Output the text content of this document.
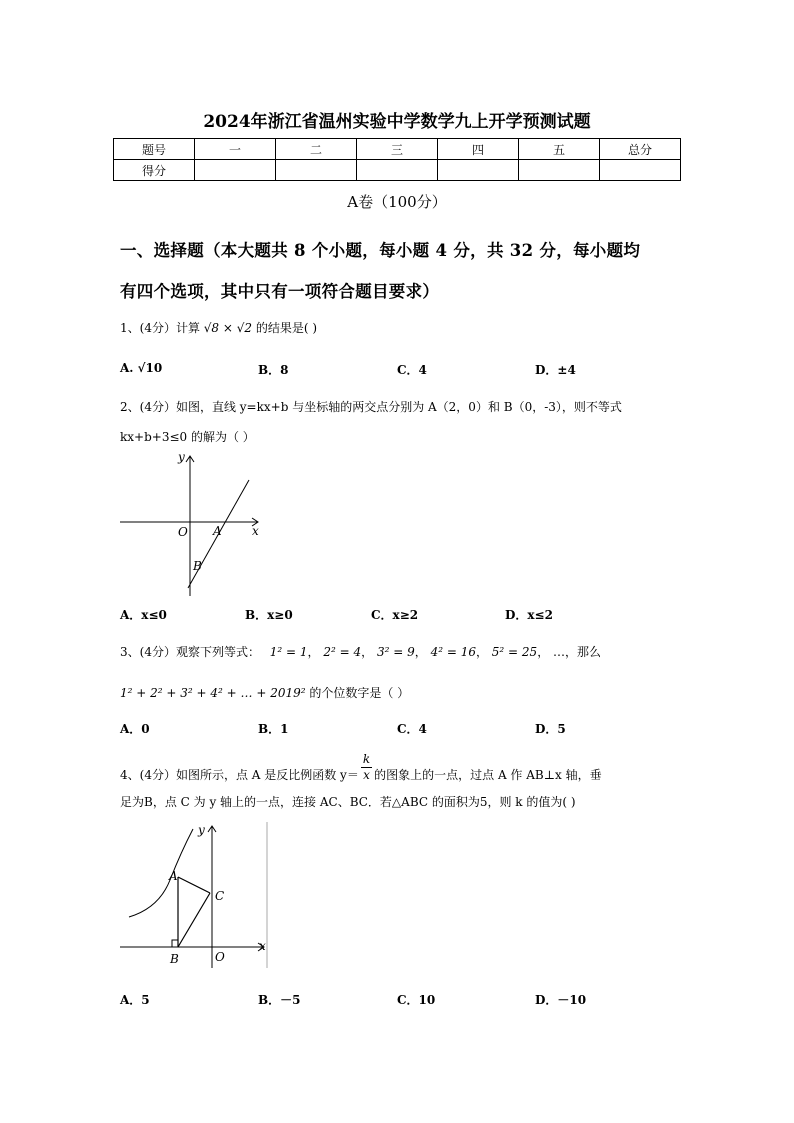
2024年浙江省温州实验中学数学九上开学预测试题
题号	一	二	三	四	五	总分
得分						
A卷（100分）
一、选择题（本大题共 8 个小题，每小题 4 分，共 32 分，每小题均
有四个选项，其中只有一项符合题目要求）
1、(4分）计算 √8 × √2 的结果是( )
A. √10	B．8	C．4	D．±4
2、(4分）如图，直线 y=kx+b 与坐标轴的两交点分别为 A（2，0）和 B（0，-3），则不等式
kx+b+3≤0 的解为（ ）
y
x
O A
B
A．x≤0	B．x≥0	C．x≥2	D．x≤2
3、(4分）观察下列等式： 1² = 1， 2² = 4， 3² = 9， 4² = 16， 5² = 25， …，那么
1² + 2² + 3² + 4² + … + 2019² 的个位数字是（ ）
A．0	B．1	C．4	D．5
4、(4分）如图所示，点 A 是反比例函数 $y= \frac{k}{x}$ 的图象上的一点，过点 A 作 AB⊥x 轴，垂
足为B，点 C 为 y 轴上的一点，连接 AC、BC．若△ABC 的面积为5，则 k 的值为( )
y
x
O
A
B
C
A．5	B．－5	C．10	D．－10
